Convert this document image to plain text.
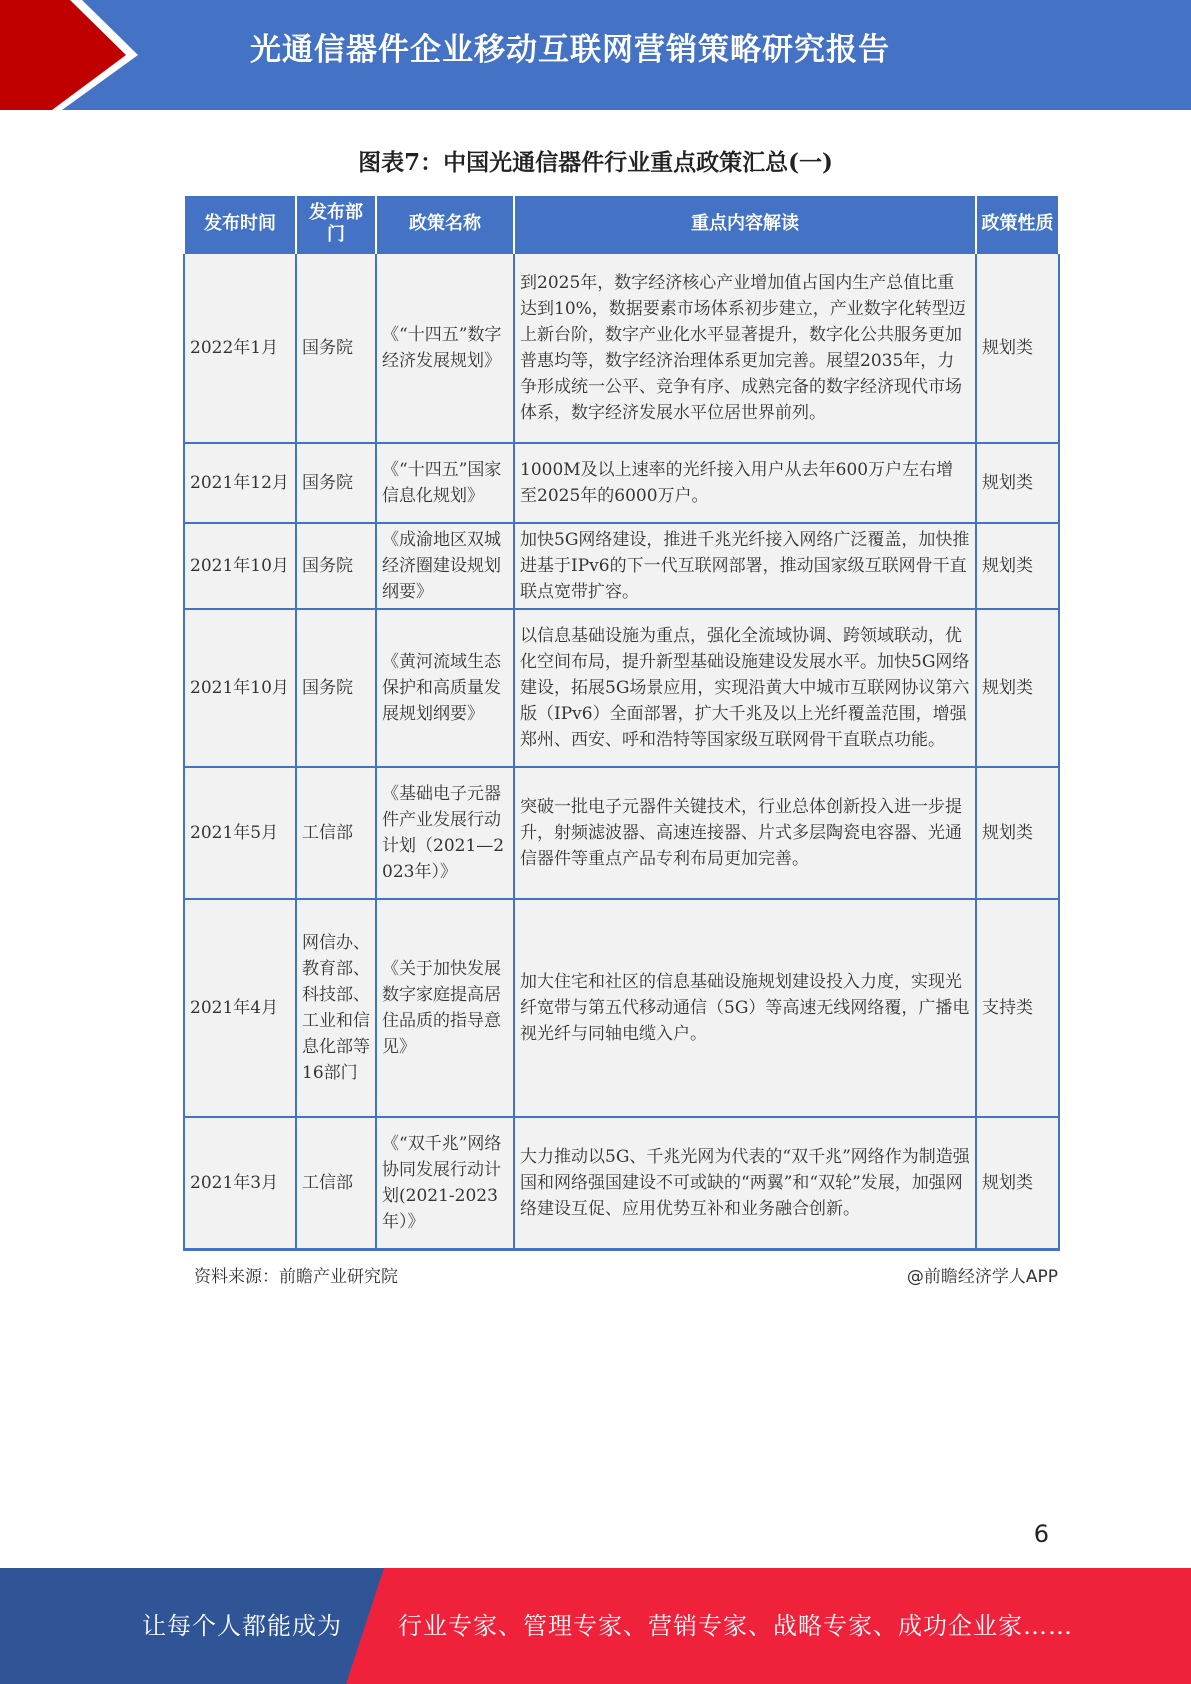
光通信器件企业移动互联网营销策略研究报告
图表7：中国光通信器件行业重点政策汇总(一)
发布时间	发布部门	政策名称	重点内容解读	政策性质
2022年1月	国务院	《“十四五”数字经济发展规划》	到2025年，数字经济核心产业增加值占国内生产总值比重达到10%，数据要素市场体系初步建立，产业数字化转型迈上新台阶，数字产业化水平显著提升，数字化公共服务更加普惠均等，数字经济治理体系更加完善。展望2035年，力争形成统一公平、竞争有序、成熟完备的数字经济现代市场体系，数字经济发展水平位居世界前列。	规划类
2021年12月	国务院	《“十四五”国家信息化规划》	1000M及以上速率的光纤接入用户从去年600万户左右增至2025年的6000万户。	规划类
2021年10月	国务院	《成渝地区双城经济圈建设规划纲要》	加快5G网络建设，推进千兆光纤接入网络广泛覆盖，加快推进基于IPv6的下一代互联网部署，推动国家级互联网骨干直联点宽带扩容。	规划类
2021年10月	国务院	《黄河流域生态保护和高质量发展规划纲要》	以信息基础设施为重点，强化全流域协调、跨领域联动，优化空间布局，提升新型基础设施建设发展水平。加快5G网络建设，拓展5G场景应用，实现沿黄大中城市互联网协议第六版（IPv6）全面部署，扩大千兆及以上光纤覆盖范围，增强郑州、西安、呼和浩特等国家级互联网骨干直联点功能。	规划类
2021年5月	工信部	《基础电子元器件产业发展行动计划（2021—2023年）》	突破一批电子元器件关键技术，行业总体创新投入进一步提升，射频滤波器、高速连接器、片式多层陶瓷电容器、光通信器件等重点产品专利布局更加完善。	规划类
2021年4月	网信办、教育部、科技部、工业和信息化部等16部门	《关于加快发展数字家庭提高居住品质的指导意见》	加大住宅和社区的信息基础设施规划建设投入力度，实现光纤宽带与第五代移动通信（5G）等高速无线网络覆，广播电视光纤与同轴电缆入户。	支持类
2021年3月	工信部	《“双千兆”网络协同发展行动计划(2021-2023年）》	大力推动以5G、千兆光网为代表的“双千兆”网络作为制造强国和网络强国建设不可或缺的“两翼”和“双轮”发展，加强网络建设互促、应用优势互补和业务融合创新。	规划类
资料来源：前瞻产业研究院	@前瞻经济学人APP
6
让每个人都能成为 行业专家、管理专家、营销专家、战略专家、成功企业家……
